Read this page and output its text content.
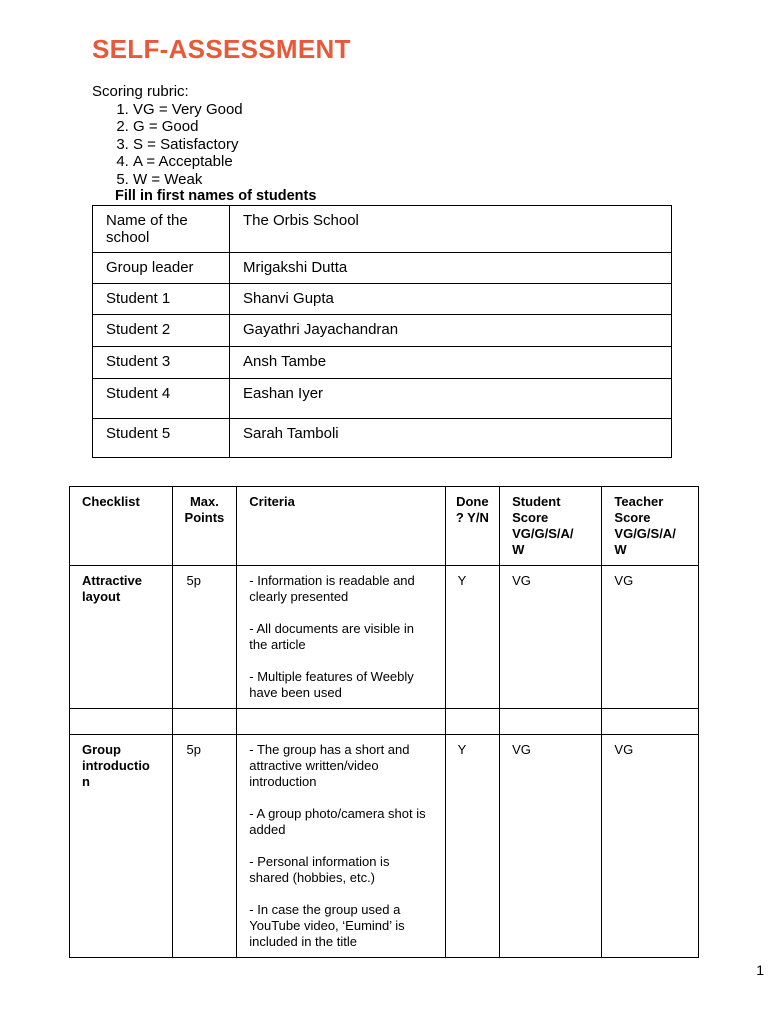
SELF-ASSESSMENT
Scoring rubric:
1. VG = Very Good
2. G = Good
3. S = Satisfactory
4. A = Acceptable
5. W = Weak
Fill in first names of students
Name of the school	The Orbis School
Group leader	Mrigakshi Dutta
Student 1	Shanvi Gupta
Student 2	Gayathri Jayachandran
Student 3	Ansh Tambe
Student 4	Eashan Iyer
Student 5	Sarah Tamboli
Checklist	Max. Points	Criteria	Done ? Y/N	Student Score VG/G/S/A/ W	Teacher Score VG/G/S/A/ W
Attractive layout	5p	- Information is readable and clearly presented

- All documents are visible in the article

- Multiple features of Weebly have been used	Y	VG	VG

Group introductio n	5p	- The group has a short and attractive written/video introduction

- A group photo/camera shot is added

- Personal information is shared (hobbies, etc.)

- In case the group used a YouTube video, ‘Eumind’ is included in the title	Y	VG	VG
1
